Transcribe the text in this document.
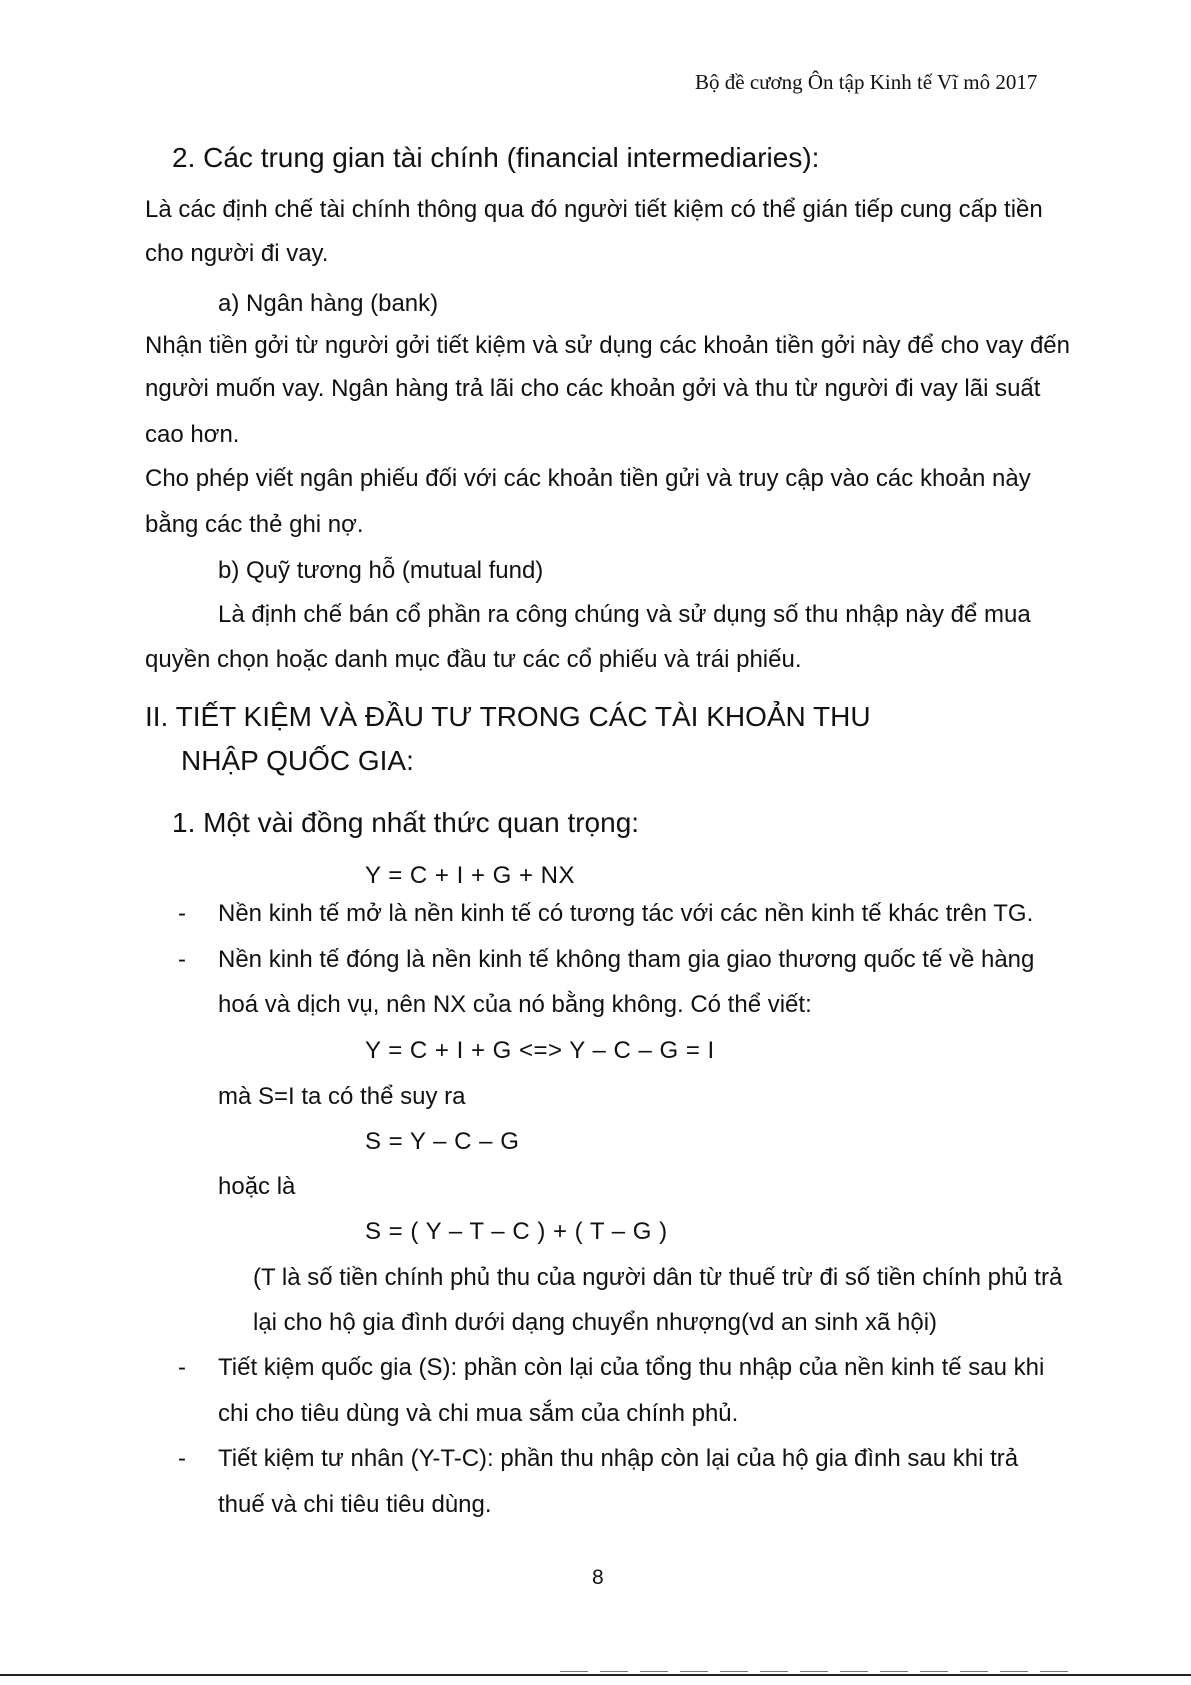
Bộ đề cương Ôn tập Kinh tế Vĩ mô 2017
2. Các trung gian tài chính (financial intermediaries):
Là các định chế tài chính thông qua đó người tiết kiệm có thể gián tiếp cung cấp tiền
cho người đi vay.
a) Ngân hàng (bank)
Nhận tiền gởi từ người gởi tiết kiệm và sử dụng các khoản tiền gởi này để cho vay đến
người muốn vay. Ngân hàng trả lãi cho các khoản gởi và thu từ người đi vay lãi suất
cao hơn.
Cho phép viết ngân phiếu đối với các khoản tiền gửi và truy cập vào các khoản này
bằng các thẻ ghi nợ.
b) Quỹ tương hỗ (mutual fund)
Là định chế bán cổ phần ra công chúng và sử dụng số thu nhập này để mua
quyền chọn hoặc danh mục đầu tư các cổ phiếu và trái phiếu.
II. TIẾT KIỆM VÀ ĐẦU TƯ TRONG CÁC TÀI KHOẢN THU
NHẬP QUỐC GIA:
1. Một vài đồng nhất thức quan trọng:
Y = C + I + G + NX
- Nền kinh tế mở là nền kinh tế có tương tác với các nền kinh tế khác trên TG.
- Nền kinh tế đóng là nền kinh tế không tham gia giao thương quốc tế về hàng
hoá và dịch vụ, nên NX của nó bằng không. Có thể viết:
Y = C + I + G <=> Y – C – G = I
mà S=I ta có thể suy ra
S = Y – C – G
hoặc là
S = ( Y – T – C ) + ( T – G )
(T là số tiền chính phủ thu của người dân từ thuế trừ đi số tiền chính phủ trả
lại cho hộ gia đình dưới dạng chuyển nhượng(vd an sinh xã hội)
- Tiết kiệm quốc gia (S): phần còn lại của tổng thu nhập của nền kinh tế sau khi
chi cho tiêu dùng và chi mua sắm của chính phủ.
- Tiết kiệm tư nhân (Y-T-C): phần thu nhập còn lại của hộ gia đình sau khi trả
thuế và chi tiêu tiêu dùng.
8
